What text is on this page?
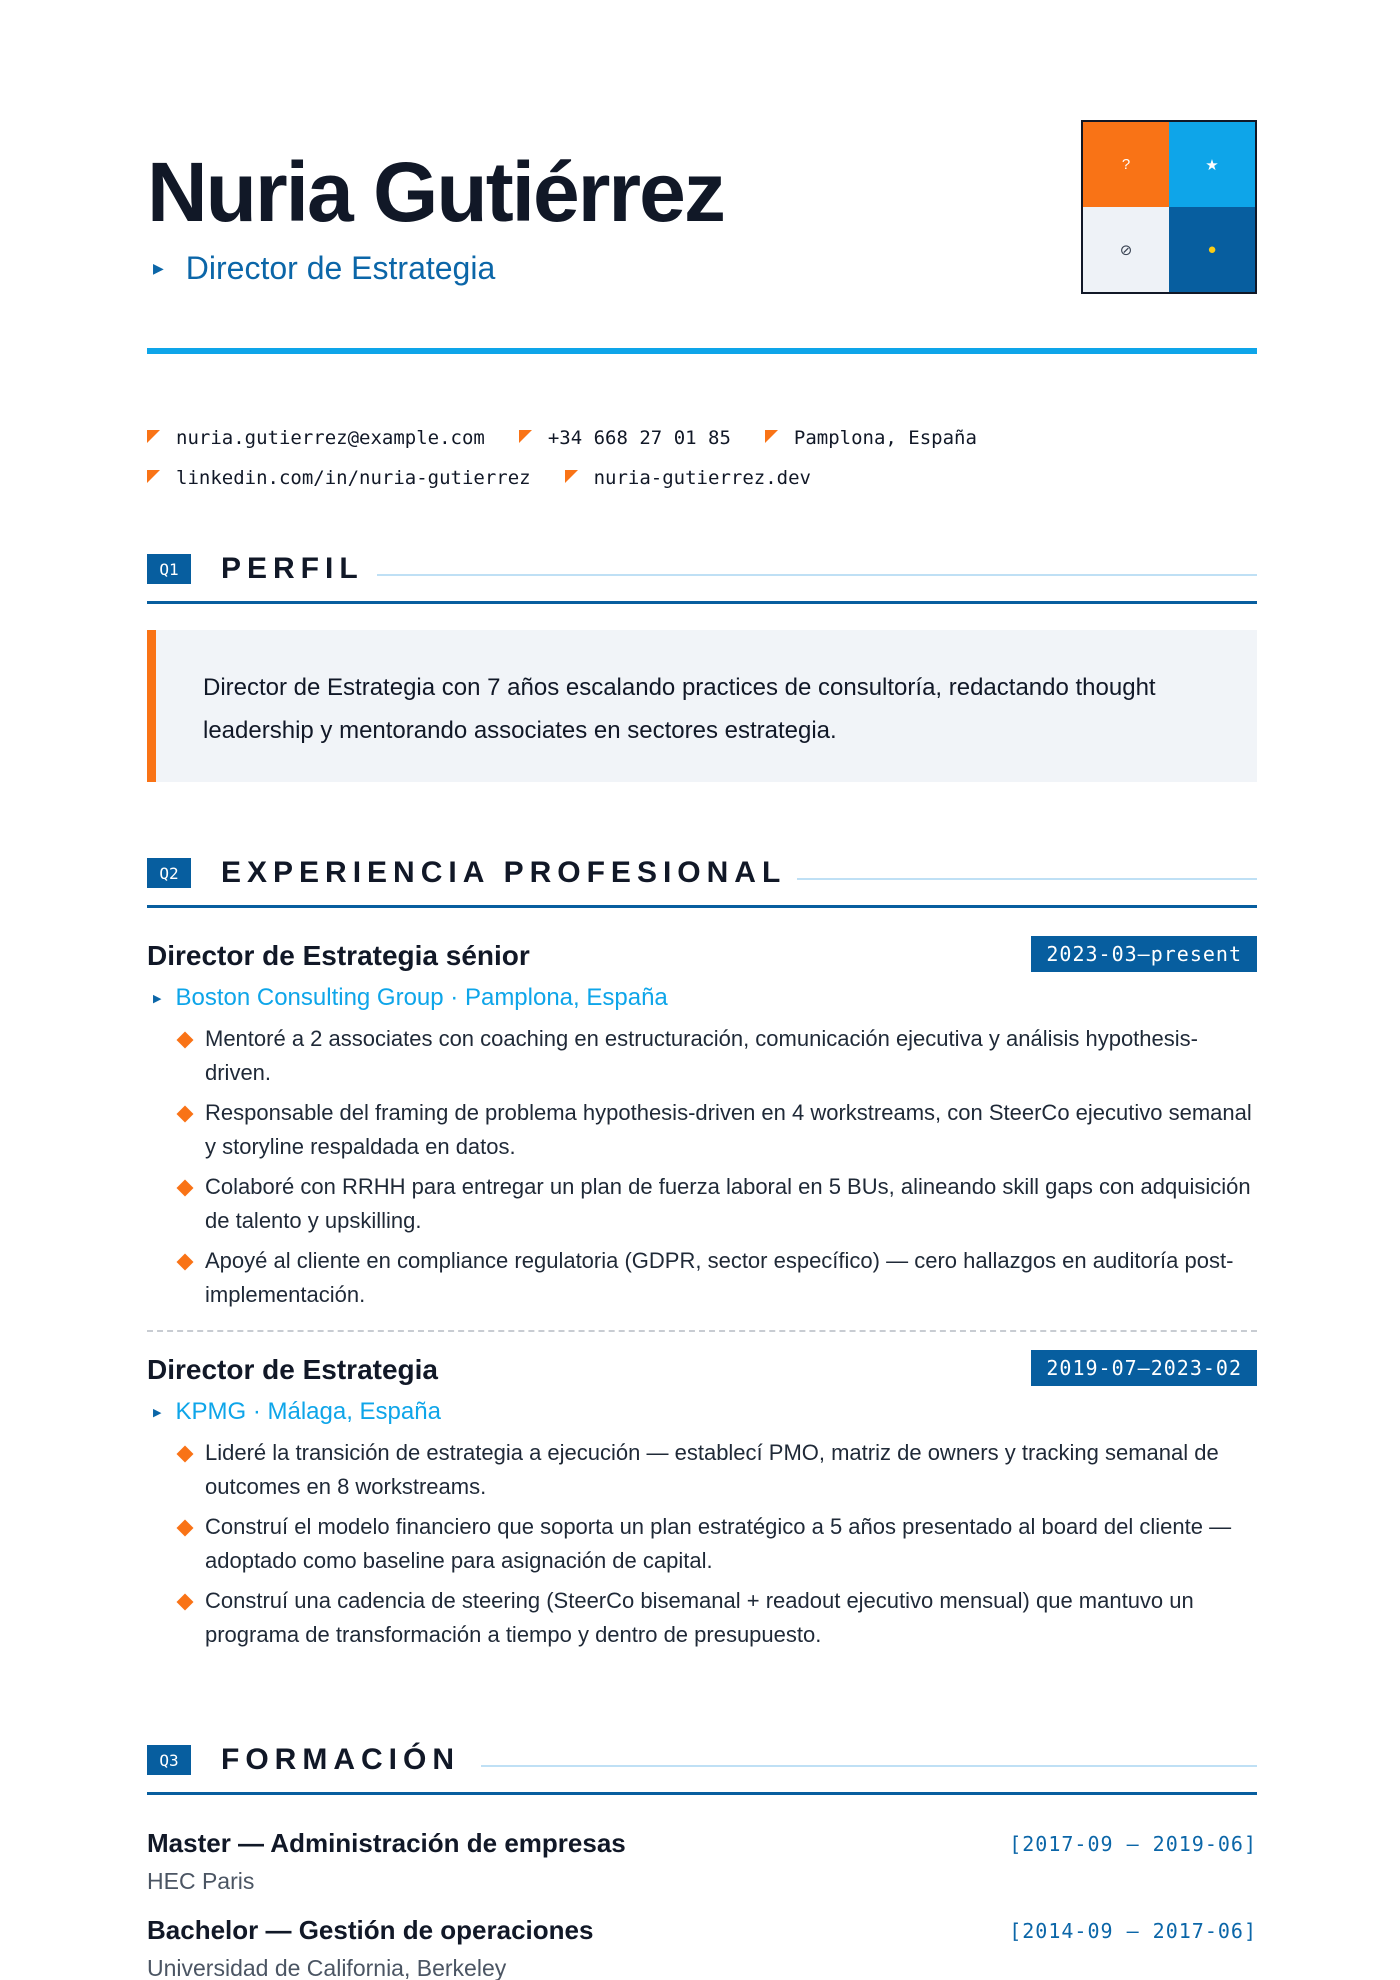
Nuria Gutiérrez
▶ Director de Estrategia
?	★
⊘	●
nuria.gutierrez@example.com	+34 668 27 01 85	Pamplona, España
linkedin.com/in/nuria-gutierrez	nuria-gutierrez.dev
Q1	PERFIL
Director de Estrategia con 7 años escalando practices de consultoría, redactando thought leadership y mentorando associates en sectores estrategia.
Q2	EXPERIENCIA PROFESIONAL
Director de Estrategia sénior	2023-03—present
▶ Boston Consulting Group · Pamplona, España
Mentoré a 2 associates con coaching en estructuración, comunicación ejecutiva y análisis hypothesis-driven.
Responsable del framing de problema hypothesis-driven en 4 workstreams, con SteerCo ejecutivo semanal y storyline respaldada en datos.
Colaboré con RRHH para entregar un plan de fuerza laboral en 5 BUs, alineando skill gaps con adquisición de talento y upskilling.
Apoyé al cliente en compliance regulatoria (GDPR, sector específico) — cero hallazgos en auditoría post-implementación.
Director de Estrategia	2019-07—2023-02
▶ KPMG · Málaga, España
Lideré la transición de estrategia a ejecución — establecí PMO, matriz de owners y tracking semanal de outcomes en 8 workstreams.
Construí el modelo financiero que soporta un plan estratégico a 5 años presentado al board del cliente — adoptado como baseline para asignación de capital.
Construí una cadencia de steering (SteerCo bisemanal + readout ejecutivo mensual) que mantuvo un programa de transformación a tiempo y dentro de presupuesto.
Q3	FORMACIÓN
Master — Administración de empresas	[2017-09 – 2019-06]
HEC Paris
Bachelor — Gestión de operaciones	[2014-09 – 2017-06]
Universidad de California, Berkeley
